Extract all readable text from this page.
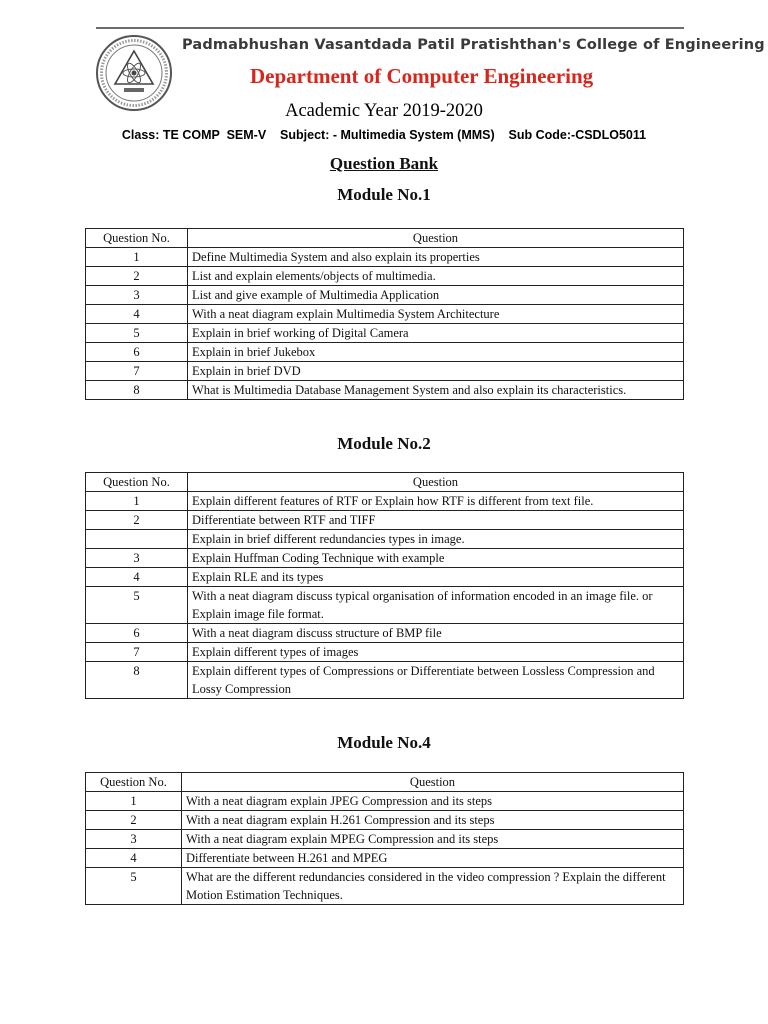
Padmabhushan Vasantdada Patil Pratishthan's College of Engineering
Department of Computer Engineering
Academic Year 2019-2020
Class: TE COMP  SEM-V    Subject: - Multimedia System (MMS)    Sub Code:-CSDLO5011
Question Bank
Module No.1
Question No.	Question
1	Define Multimedia System and also explain its properties
2	List and explain elements/objects of multimedia.
3	List and give example of Multimedia Application
4	With a neat diagram explain Multimedia System Architecture
5	Explain in brief working of Digital Camera
6	Explain in brief Jukebox
7	Explain in brief DVD
8	What is Multimedia Database Management System and also explain its characteristics.
Module No.2
Question No.	Question
1	Explain different features of RTF or Explain how RTF is different from text file.
2	Differentiate between RTF and TIFF
	Explain in brief different redundancies types in image.
3	Explain Huffman Coding Technique with example
4	Explain RLE and its types
5	With a neat diagram discuss typical organisation of information encoded in an image file. or Explain image file format.
6	With a neat diagram discuss structure of BMP file
7	Explain different types of images
8	Explain different types of Compressions or Differentiate between Lossless Compression and Lossy Compression
Module No.4
Question No.	Question
1	With a neat diagram explain JPEG Compression and its steps
2	With a neat diagram explain H.261 Compression and its steps
3	With a neat diagram explain MPEG Compression and its steps
4	Differentiate between H.261 and MPEG
5	What are the different redundancies considered in the video compression ? Explain the different Motion Estimation Techniques.
